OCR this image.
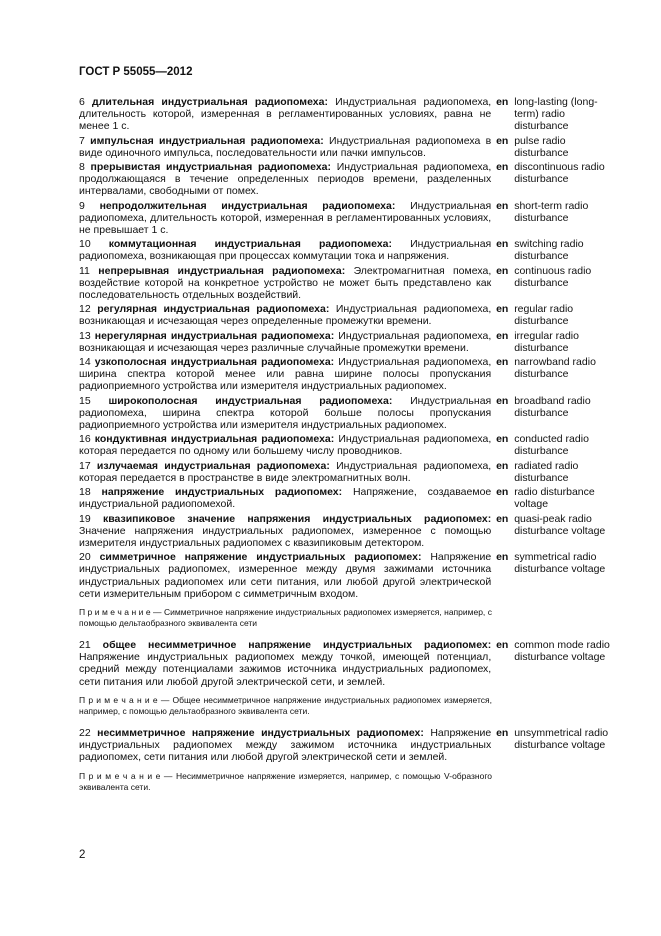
ГОСТ Р 55055—2012
6 длительная индустриальная радиопомеха: Индустриальная радиопомеха, длительность которой, измеренная в регламентированных условиях, равна не менее 1 с.
en long-lasting (long-term) radio disturbance
7 импульсная индустриальная радиопомеха: Индустриальная радиопомеха в виде одиночного импульса, последовательности или пачки импульсов.
en pulse radio disturbance
8 прерывистая индустриальная радиопомеха: Индустриальная радиопомеха, продолжающаяся в течение определенных периодов времени, разделенных интервалами, свободными от помех.
en discontinuous radio disturbance
9 непродолжительная индустриальная радиопомеха: Индустриальная радиопомеха, длительность которой, измеренная в регламентированных условиях, не превышает 1 с.
en short-term radio disturbance
10 коммутационная индустриальная радиопомеха: Индустриальная радиопомеха, возникающая при процессах коммутации тока и напряжения.
en switching radio disturbance
11 непрерывная индустриальная радиопомеха: Электромагнитная помеха, воздействие которой на конкретное устройство не может быть представлено как последовательность отдельных воздействий.
en continuous radio disturbance
12 регулярная индустриальная радиопомеха: Индустриальная радиопомеха, возникающая и исчезающая через определенные промежутки времени.
en regular radio disturbance
13 нерегулярная индустриальная радиопомеха: Индустриальная радиопомеха, возникающая и исчезающая через различные случайные промежутки времени.
en irregular radio disturbance
14 узкополосная индустриальная радиопомеха: Индустриальная радиопомеха, ширина спектра которой менее или равна ширине полосы пропускания радиоприемного устройства или измерителя индустриальных радиопомех.
en narrowband radio disturbance
15 широкополосная индустриальная радиопомеха: Индустриальная радиопомеха, ширина спектра которой больше полосы пропускания радиоприемного устройства или измерителя индустриальных радиопомех.
en broadband radio disturbance
16 кондуктивная индустриальная радиопомеха: Индустриальная радиопомеха, которая передается по одному или большему числу проводников.
en conducted radio disturbance
17 излучаемая индустриальная радиопомеха: Индустриальная радиопомеха, которая передается в пространстве в виде электромагнитных волн.
en radiated radio disturbance
18 напряжение индустриальных радиопомех: Напряжение, создаваемое индустриальной радиопомехой.
en radio disturbance voltage
19 квазипиковое значение напряжения индустриальных радиопомех: Значение напряжения индустриальных радиопомех, измеренное с помощью измерителя индустриальных радиопомех с квазипиковым детектором.
en quasi-peak radio disturbance voltage
20 симметричное напряжение индустриальных радиопомех: Напряжение индустриальных радиопомех, измеренное между двумя зажимами источника индустриальных радиопомех или сети питания, или любой другой электрической сети измерительным прибором с симметричным входом.
en symmetrical radio disturbance voltage
П р и м е ч а н и е — Симметричное напряжение индустриальных радиопомех измеряется, например, с помощью дельтаобразного эквивалента сети
21 общее несимметричное напряжение индустриальных радиопомех: Напряжение индустриальных радиопомех между точкой, имеющей потенциал, средний между потенциалами зажимов источника индустриальных радиопомех, сети питания или любой другой электрической сети, и землей.
en common mode radio disturbance voltage
П р и м е ч а н и е — Общее несимметричное напряжение индустриальных радиопомех измеряется, например, с помощью дельтаобразного эквивалента сети.
22 несимметричное напряжение индустриальных радиопомех: Напряжение индустриальных радиопомех между зажимом источника индустриальных радиопомех, сети питания или любой другой электрической сети и землей.
en unsymmetrical radio disturbance voltage
П р и м е ч а н и е — Несимметричное напряжение измеряется, например, с помощью V-образного эквивалента сети.
2
